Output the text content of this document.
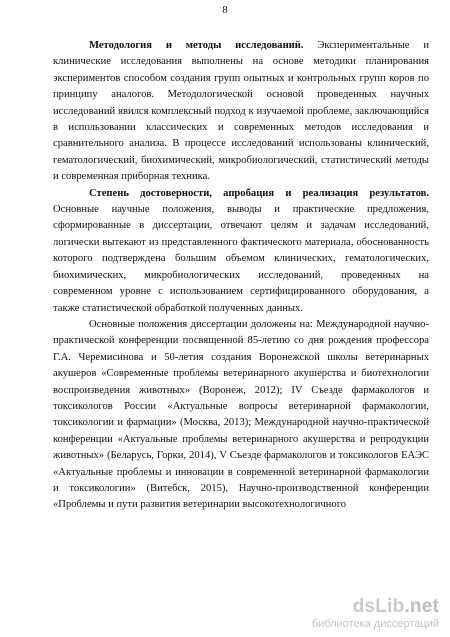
8

Методология и методы исследований. Экспериментальные и клинические исследования выполнены на основе методики планирования экспериментов способом создания групп опытных и контрольных групп коров по принципу аналогов. Методологической основой проведенных научных исследований явился комплексный подход к изучаемой проблеме, заключающийся в использовании классических и современных методов исследования и сравнительного анализа. В процессе исследований использованы клинический, гематологический, биохимический, микробиологический, статистический методы и современная приборная техника.

Степень достоверности, апробация и реализация результатов. Основные научные положения, выводы и практические предложения, сформированные в диссертации, отвечают целям и задачам исследований, логически вытекают из представленного фактического материала, обоснованность которого подтверждена большим объемом клинических, гематологических, биохимических, микробиологических исследований, проведенных на современном уровне с использованием сертифицированного оборудования, а также статистической обработкой полученных данных.

Основные положения диссертации доложены на: Международной научно-практической конференции посвященной 85-летию со дня рождения профессора Г.А. Черемисинова и 50-летия создания Воронежской школы ветеринарных акушеров «Современные проблемы ветеринарного акушерства и биотехнологии воспроизведения животных» (Воронеж, 2012); IV Съезде фармакологов и токсикологов России «Актуальные вопросы ветеринарной фармакологии, токсикологии и фармации» (Москва, 2013); Международной научно-практической конференции «Актуальные проблемы ветеринарного акушерства и репродукции животных» (Беларусь, Горки, 2014), V Съезде фармакологов и токсикологов ЕАЭС «Актуальные проблемы и инновации в современной ветеринарной фармакологии и токсикологии» (Витебск, 2015), Научно-производственной конференции «Проблемы и пути развития ветеринарии высокотехнологичного

dsLib.net
библиотека диссертаций
